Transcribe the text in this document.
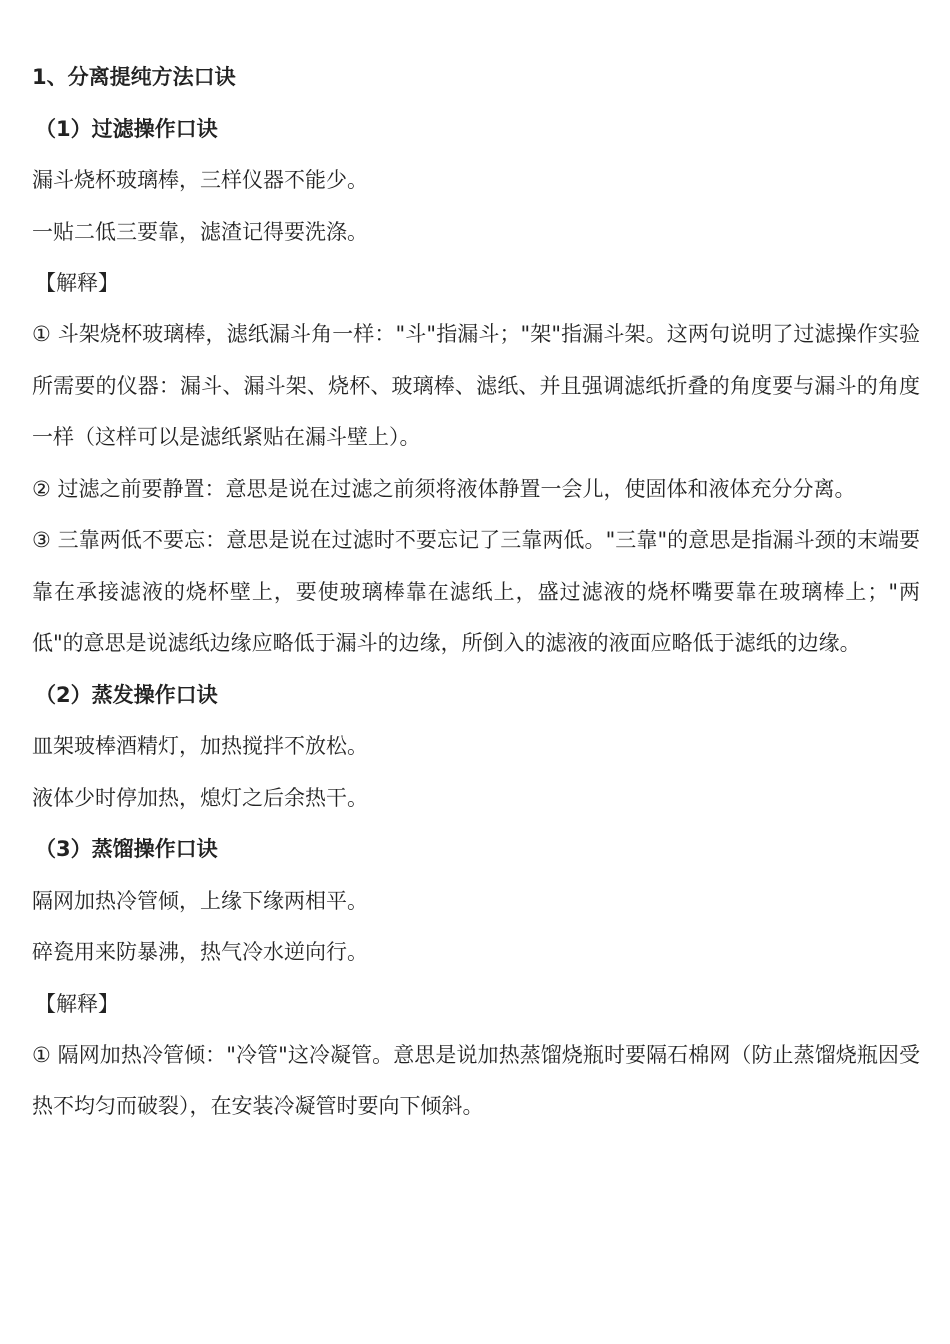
1、分离提纯方法口诀

（1）过滤操作口诀

漏斗烧杯玻璃棒，三样仪器不能少。

一贴二低三要靠，滤渣记得要洗涤。

【解释】

① 斗架烧杯玻璃棒，滤纸漏斗角一样："斗"指漏斗；"架"指漏斗架。这两句说明了过滤操作实验所需要的仪器：漏斗、漏斗架、烧杯、玻璃棒、滤纸、并且强调滤纸折叠的角度要与漏斗的角度一样（这样可以是滤纸紧贴在漏斗壁上）。

② 过滤之前要静置：意思是说在过滤之前须将液体静置一会儿，使固体和液体充分分离。

③ 三靠两低不要忘：意思是说在过滤时不要忘记了三靠两低。"三靠"的意思是指漏斗颈的末端要靠在承接滤液的烧杯壁上，要使玻璃棒靠在滤纸上，盛过滤液的烧杯嘴要靠在玻璃棒上；"两低"的意思是说滤纸边缘应略低于漏斗的边缘，所倒入的滤液的液面应略低于滤纸的边缘。

（2）蒸发操作口诀

皿架玻棒酒精灯，加热搅拌不放松。

液体少时停加热，熄灯之后余热干。

（3）蒸馏操作口诀

隔网加热冷管倾，上缘下缘两相平。

碎瓷用来防暴沸，热气冷水逆向行。

【解释】

① 隔网加热冷管倾："冷管"这冷凝管。意思是说加热蒸馏烧瓶时要隔石棉网（防止蒸馏烧瓶因受热不均匀而破裂），在安装冷凝管时要向下倾斜。
